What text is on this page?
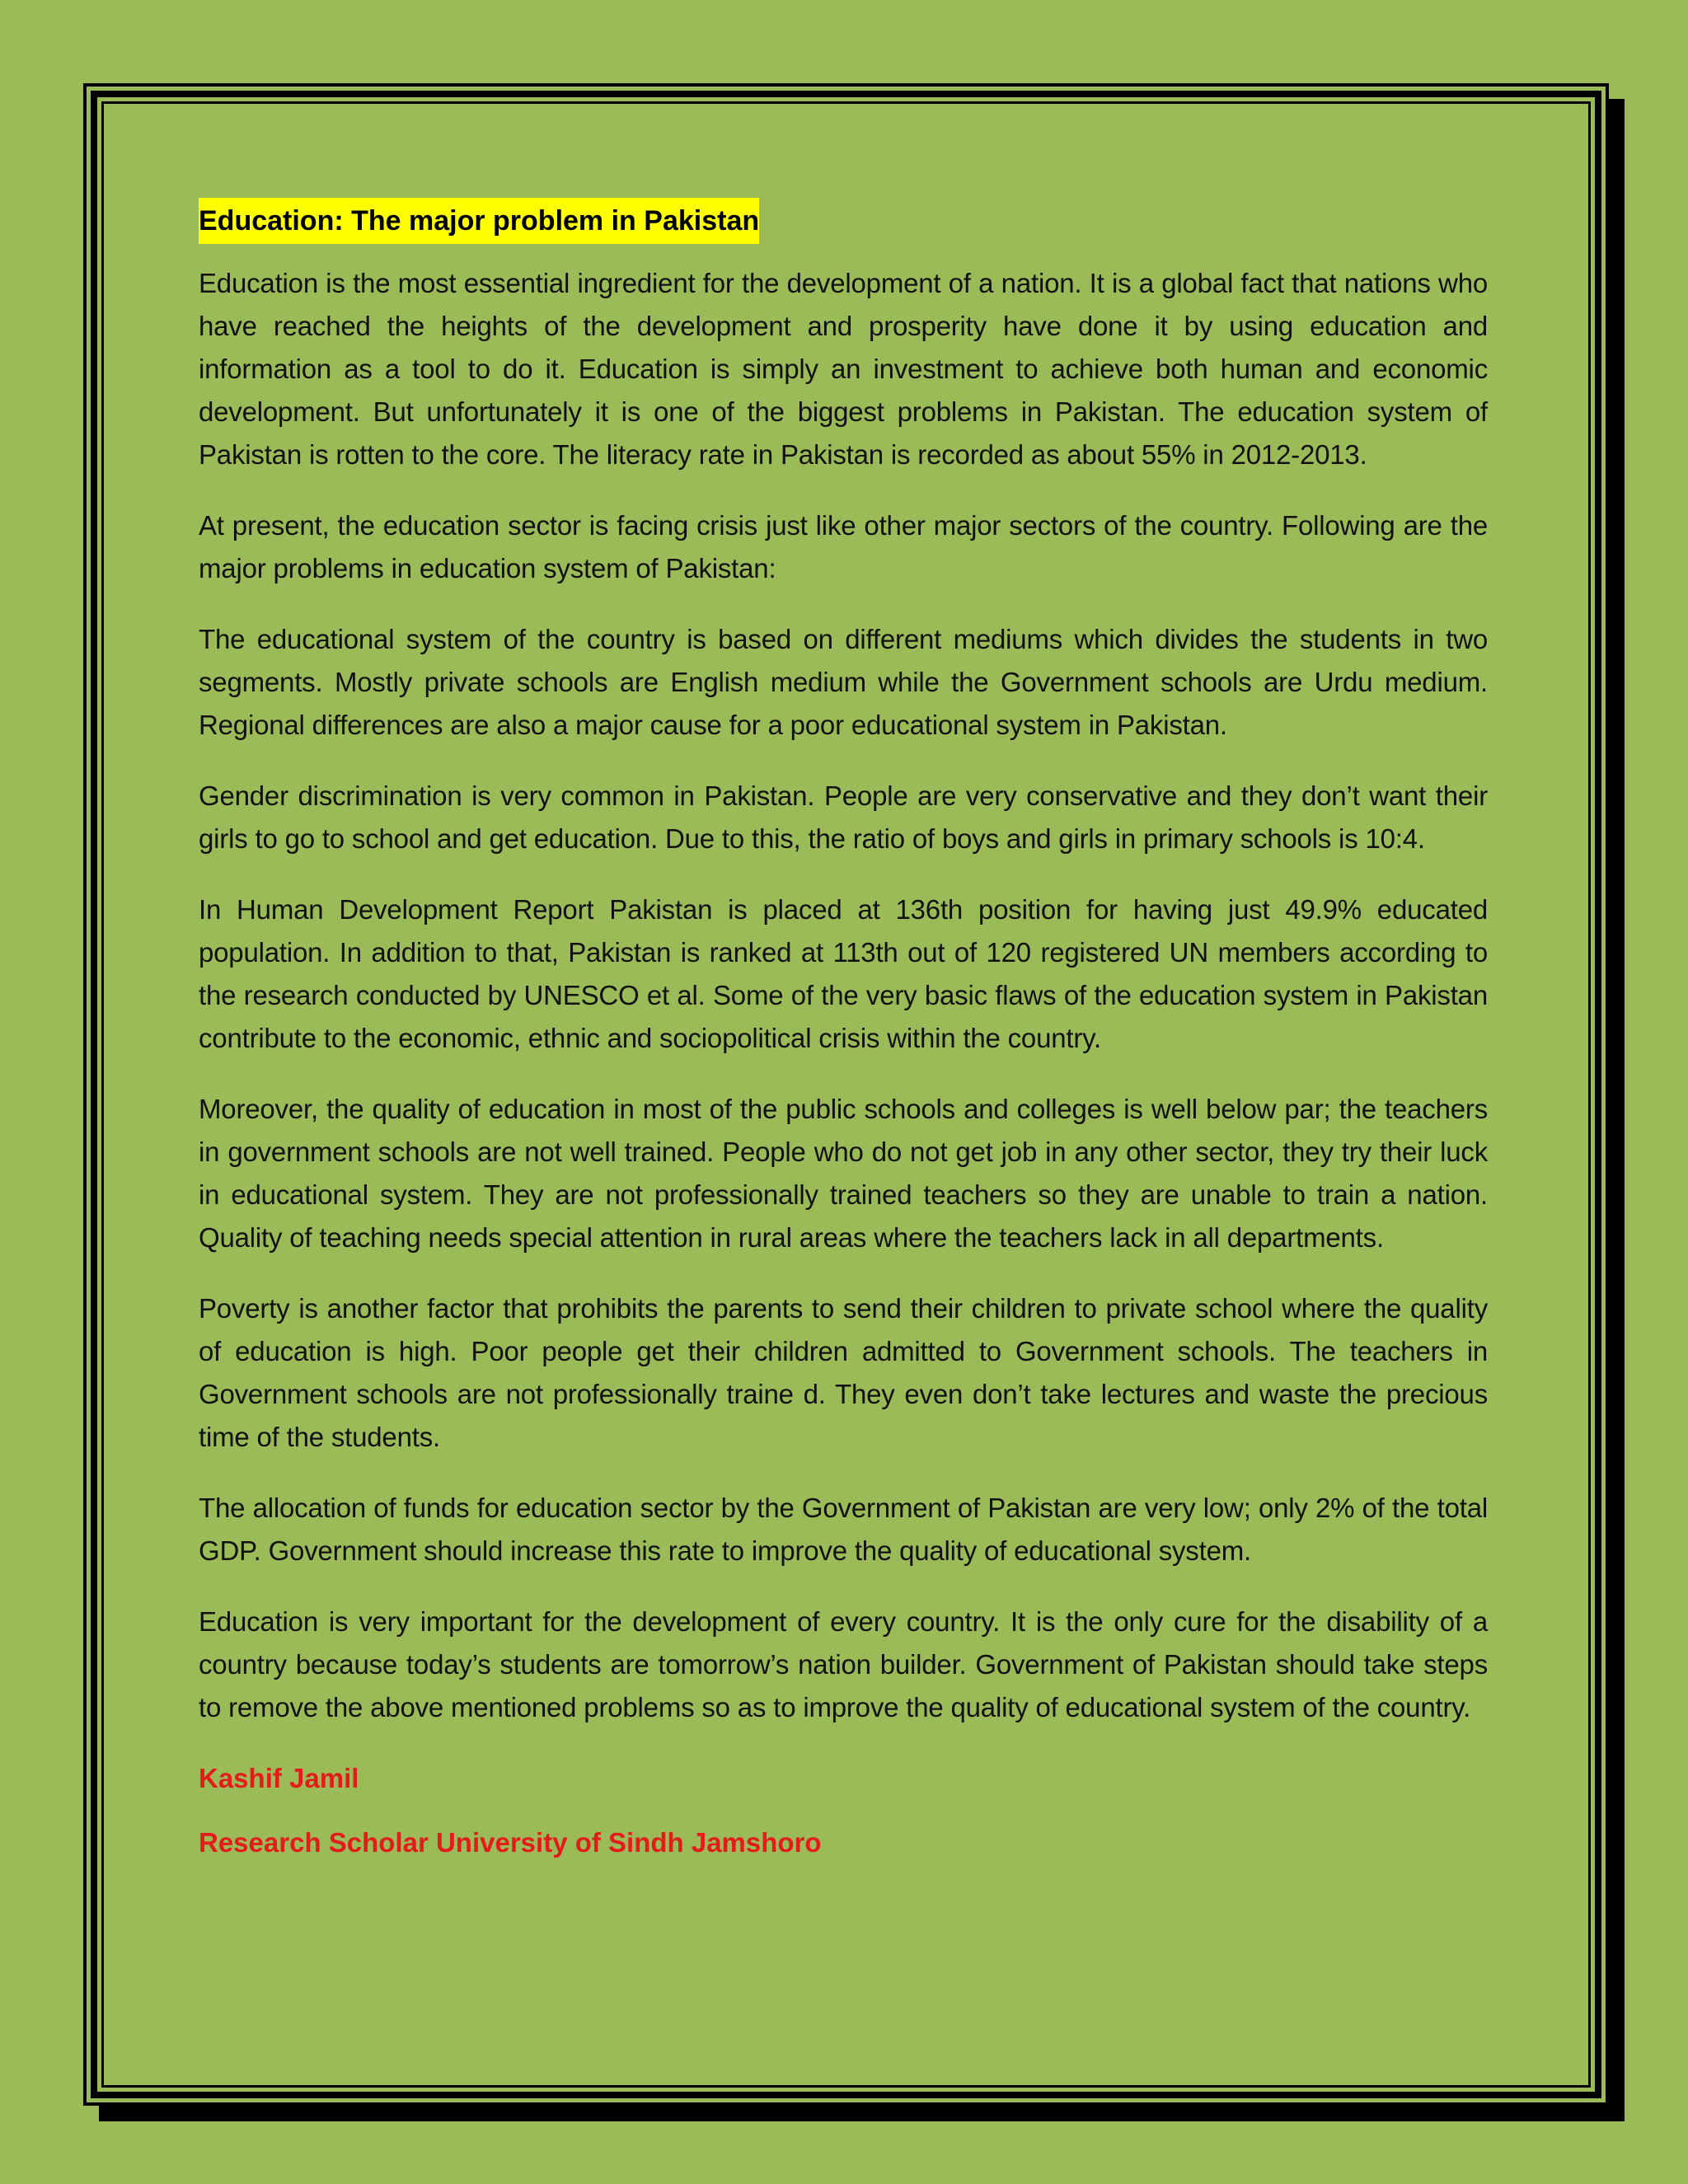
Education: The major problem in Pakistan

Education is the most essential ingredient for the development of a nation. It is a global fact that nations who have reached the heights of the development and prosperity have done it by using education and information as a tool to do it. Education is simply an investment to achieve both human and economic development. But unfortunately it is one of the biggest problems in Pakistan. The education system of Pakistan is rotten to the core. The literacy rate in Pakistan is recorded as about 55% in 2012-2013.

At present, the education sector is facing crisis just like other major sectors of the country. Following are the major problems in education system of Pakistan:

The educational system of the country is based on different mediums which divides the students in two segments. Mostly private schools are English medium while the Government schools are Urdu medium. Regional differences are also a major cause for a poor educational system in Pakistan.

Gender discrimination is very common in Pakistan. People are very conservative and they don’t want their girls to go to school and get education. Due to this, the ratio of boys and girls in primary schools is 10:4.

In Human Development Report Pakistan is placed at 136th position for having just 49.9% educated population. In addition to that, Pakistan is ranked at 113th out of 120 registered UN members according to the research conducted by UNESCO et al. Some of the very basic flaws of the education system in Pakistan contribute to the economic, ethnic and sociopolitical crisis within the country.

Moreover, the quality of education in most of the public schools and colleges is well below par; the teachers in government schools are not well trained. People who do not get job in any other sector, they try their luck in educational system. They are not professionally trained teachers so they are unable to train a nation. Quality of teaching needs special attention in rural areas where the teachers lack in all departments.

Poverty is another factor that prohibits the parents to send their children to private school where the quality of education is high. Poor people get their children admitted to Government schools. The teachers in Government schools are not professionally traine d. They even don’t take lectures and waste the precious time of the students.

The allocation of funds for education sector by the Government of Pakistan are very low; only 2% of the total GDP. Government should increase this rate to improve the quality of educational system.

Education is very important for the development of every country. It is the only cure for the disability of a country because today’s students are tomorrow’s nation builder. Government of Pakistan should take steps to remove the above mentioned problems so as to improve the quality of educational system of the country.

Kashif Jamil

Research Scholar University of Sindh Jamshoro
